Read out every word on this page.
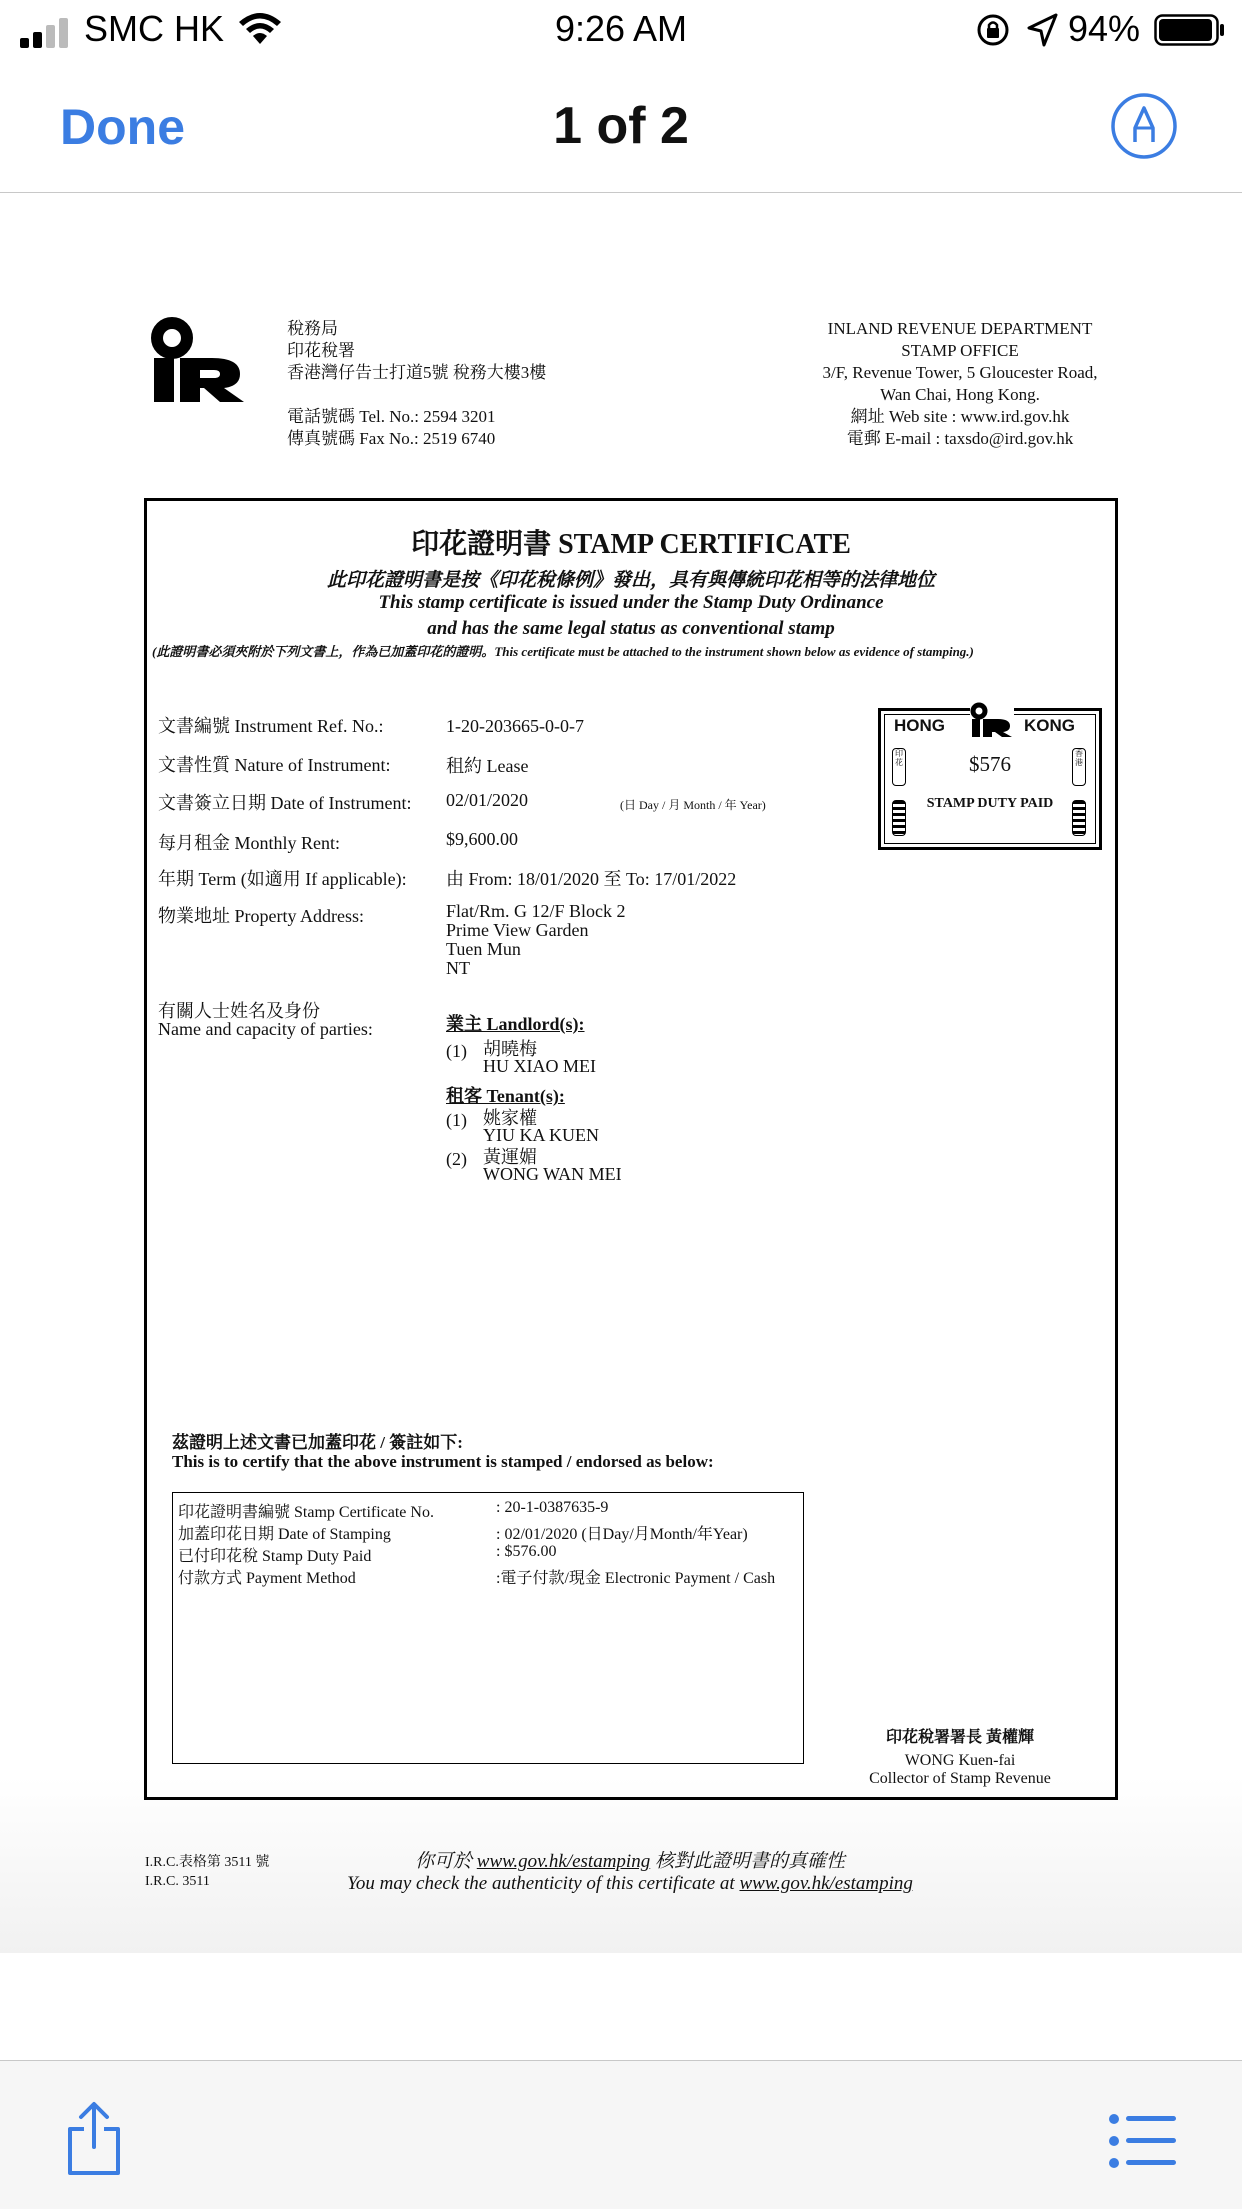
SMC HK	9:26 AM	94%
Done	1 of 2
稅務局
印花稅署
香港灣仔告士打道5號 稅務大樓3樓
電話號碼 Tel. No.: 2594 3201
傳真號碼 Fax No.: 2519 6740
INLAND REVENUE DEPARTMENT
STAMP OFFICE
3/F, Revenue Tower, 5 Gloucester Road,
Wan Chai, Hong Kong.
網址 Web site : www.ird.gov.hk
電郵 E-mail : taxsdo@ird.gov.hk
印花證明書 STAMP CERTIFICATE
此印花證明書是按《印花稅條例》發出，具有與傳統印花相等的法律地位
This stamp certificate is issued under the Stamp Duty Ordinance
and has the same legal status as conventional stamp
(此證明書必須夾附於下列文書上，作為已加蓋印花的證明。This certificate must be attached to the instrument shown below as evidence of stamping.)
文書編號 Instrument Ref. No.:	1-20-203665-0-0-7
文書性質 Nature of Instrument:	租約 Lease
文書簽立日期 Date of Instrument: 02/01/2020	(日 Day / 月 Month / 年 Year)
每月租金 Monthly Rent:	$9,600.00
年期 Term (如適用 If applicable): 由 From: 18/01/2020 至 To: 17/01/2022
物業地址 Property Address:	Flat/Rm. G 12/F Block 2
Prime View Garden
Tuen Mun
NT
有關人士姓名及身份
Name and capacity of parties:	業主 Landlord(s):
(1) 胡曉梅
HU XIAO MEI
租客 Tenant(s):
(1) 姚家權
YIU KA KUEN
(2) 黃運媚
WONG WAN MEI
HONG	KONG
$576
STAMP DUTY PAID
印花
香港
茲證明上述文書已加蓋印花 / 簽註如下:
This is to certify that the above instrument is stamped / endorsed as below:
印花證明書編號 Stamp Certificate No.	: 20-1-0387635-9
加蓋印花日期 Date of Stamping	: 02/01/2020 (日Day/月Month/年Year)
已付印花稅 Stamp Duty Paid	: $576.00
付款方式 Payment Method	:電子付款/現金 Electronic Payment / Cash
印花稅署署長 黃權輝
WONG Kuen-fai
Collector of Stamp Revenue
I.R.C.表格第 3511 號
I.R.C. 3511
你可於 www.gov.hk/estamping 核對此證明書的真確性
You may check the authenticity of this certificate at www.gov.hk/estamping
